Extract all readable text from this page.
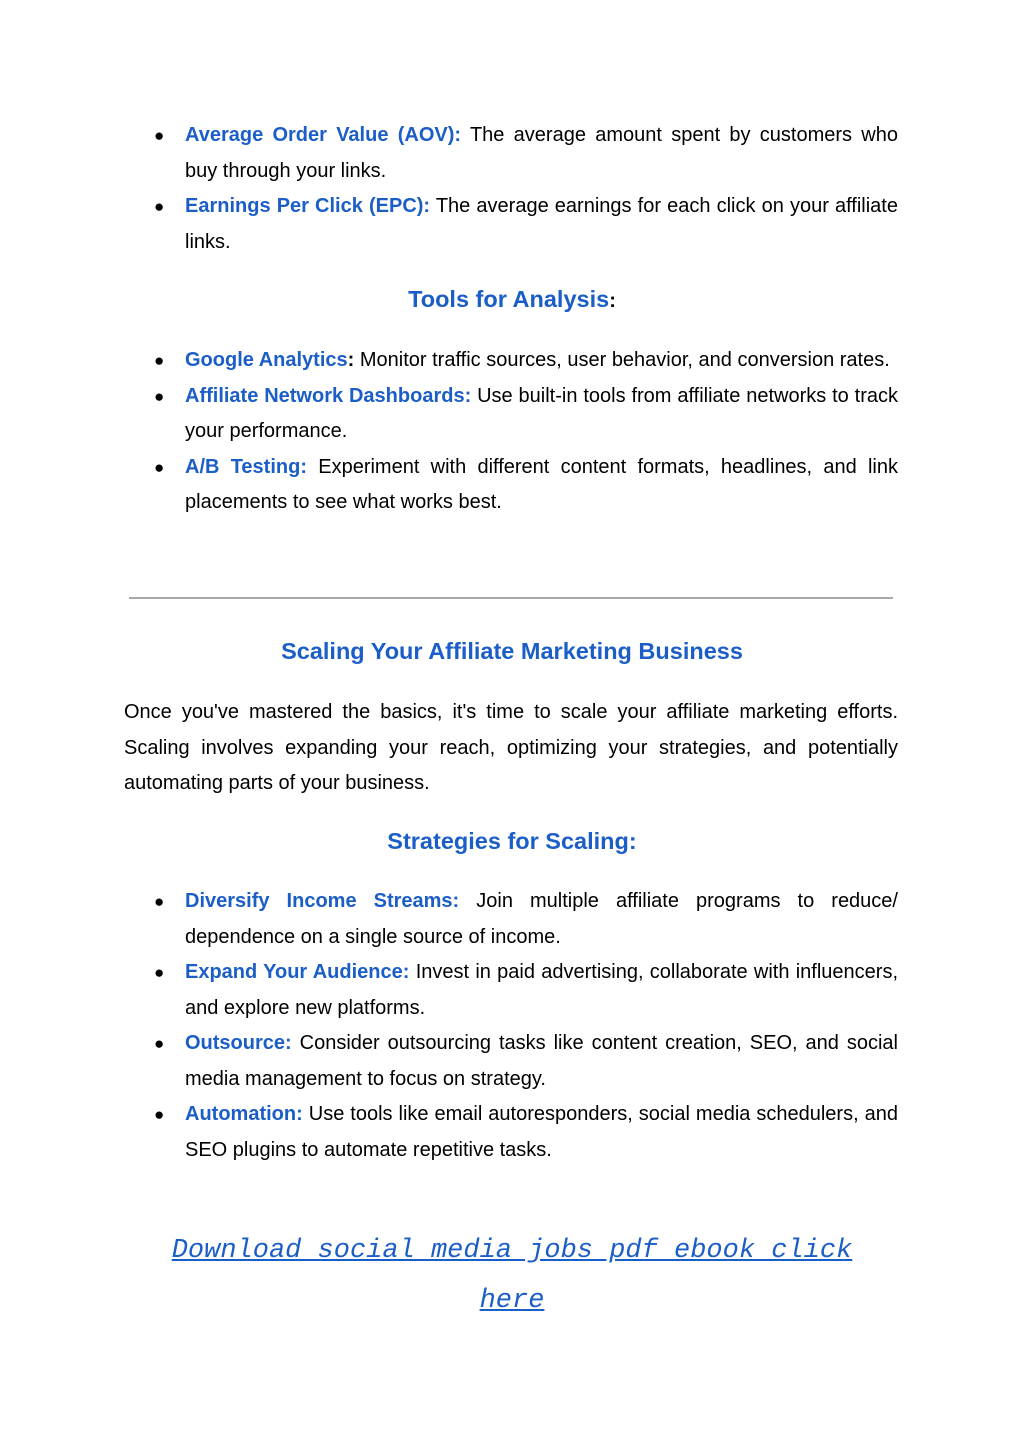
● Average Order Value (AOV): The average amount spent by customers who buy through your links.
● Earnings Per Click (EPC): The average earnings for each click on your affiliate links.
Tools for Analysis:
● Google Analytics: Monitor traffic sources, user behavior, and conversion rates.
● Affiliate Network Dashboards: Use built-in tools from affiliate networks to track your performance.
● A/B Testing: Experiment with different content formats, headlines, and link placements to see what works best.
Scaling Your Affiliate Marketing Business

Once you've mastered the basics, it's time to scale your affiliate marketing efforts. Scaling involves expanding your reach, optimizing your strategies, and potentially automating parts of your business.

Strategies for Scaling:
● Diversify Income Streams: Join multiple affiliate programs to reduce/ dependence on a single source of income.
● Expand Your Audience: Invest in paid advertising, collaborate with influencers, and explore new platforms.
● Outsource: Consider outsourcing tasks like content creation, SEO, and social media management to focus on strategy.
● Automation: Use tools like email autoresponders, social media schedulers, and SEO plugins to automate repetitive tasks.

Download social media jobs pdf ebook click
here
